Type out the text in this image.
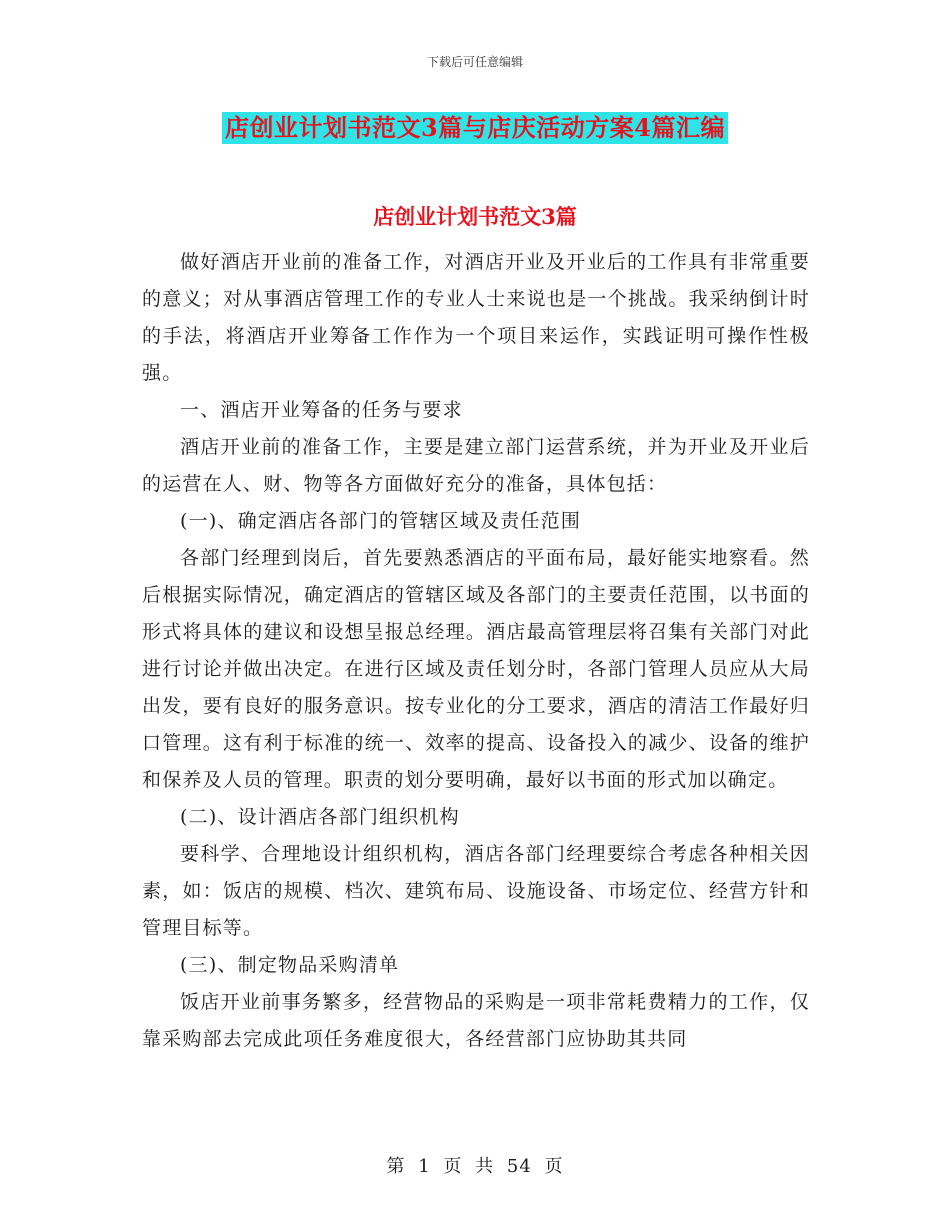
下载后可任意编辑
店创业计划书范文3篇与店庆活动方案4篇汇编
店创业计划书范文3篇

做好酒店开业前的准备工作，对酒店开业及开业后的工作具有非常重要的意义；对从事酒店管理工作的专业人士来说也是一个挑战。我采纳倒计时的手法，将酒店开业筹备工作作为一个项目来运作，实践证明可操作性极强。

一、酒店开业筹备的任务与要求

酒店开业前的准备工作，主要是建立部门运营系统，并为开业及开业后的运营在人、财、物等各方面做好充分的准备，具体包括：

(一)、确定酒店各部门的管辖区域及责任范围

各部门经理到岗后，首先要熟悉酒店的平面布局，最好能实地察看。然后根据实际情况，确定酒店的管辖区域及各部门的主要责任范围，以书面的形式将具体的建议和设想呈报总经理。酒店最高管理层将召集有关部门对此进行讨论并做出决定。在进行区域及责任划分时，各部门管理人员应从大局出发，要有良好的服务意识。按专业化的分工要求，酒店的清洁工作最好归口管理。这有利于标准的统一、效率的提高、设备投入的减少、设备的维护和保养及人员的管理。职责的划分要明确，最好以书面的形式加以确定。

(二)、设计酒店各部门组织机构

要科学、合理地设计组织机构，酒店各部门经理要综合考虑各种相关因素，如：饭店的规模、档次、建筑布局、设施设备、市场定位、经营方针和管理目标等。

(三)、制定物品采购清单

饭店开业前事务繁多，经营物品的采购是一项非常耗费精力的工作，仅靠采购部去完成此项任务难度很大，各经营部门应协助其共同

第 1 页 共 54 页
